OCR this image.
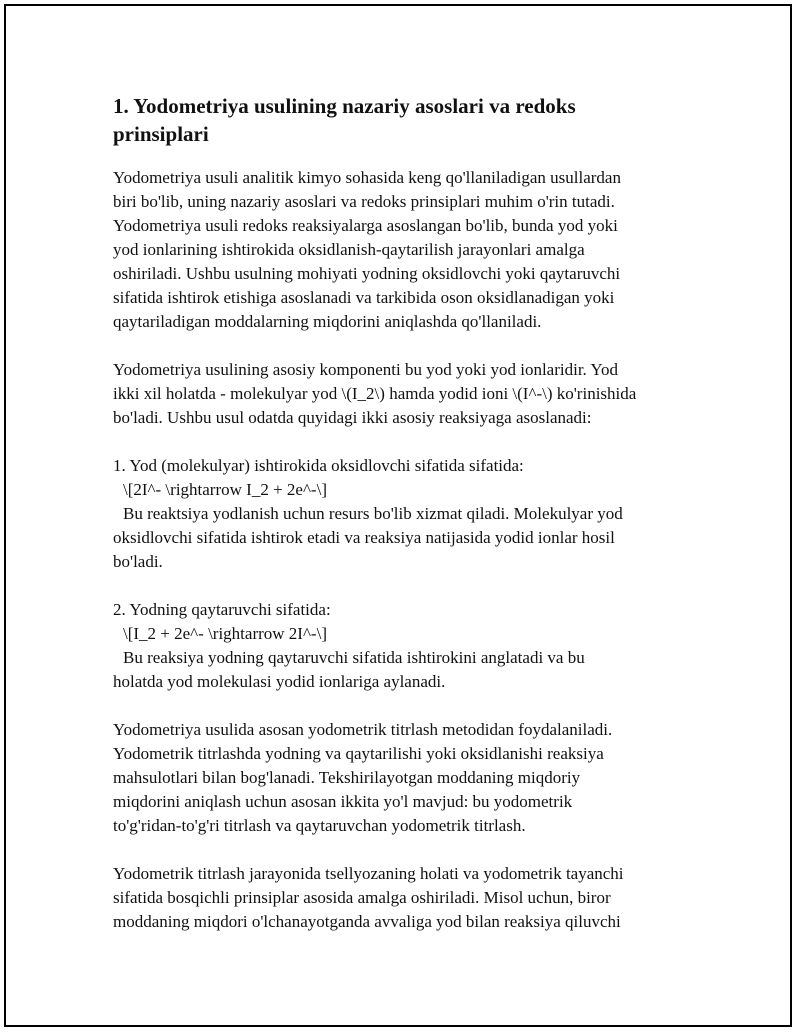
1. Yodometriya usulining nazariy asoslari va redoks
prinsiplari

Yodometriya usuli analitik kimyo sohasida keng qo'llaniladigan usullardan
biri bo'lib, uning nazariy asoslari va redoks prinsiplari muhim o'rin tutadi.
Yodometriya usuli redoks reaksiyalarga asoslangan bo'lib, bunda yod yoki
yod ionlarining ishtirokida oksidlanish-qaytarilish jarayonlari amalga
oshiriladi. Ushbu usulning mohiyati yodning oksidlovchi yoki qaytaruvchi
sifatida ishtirok etishiga asoslanadi va tarkibida oson oksidlanadigan yoki
qaytariladigan moddalarning miqdorini aniqlashda qo'llaniladi.

Yodometriya usulining asosiy komponenti bu yod yoki yod ionlaridir. Yod
ikki xil holatda - molekulyar yod \(I_2\) hamda yodid ioni \(I^-\) ko'rinishida
bo'ladi. Ushbu usul odatda quyidagi ikki asosiy reaksiyaga asoslanadi:

1. Yod (molekulyar) ishtirokida oksidlovchi sifatida sifatida:
\[2I^- \rightarrow I_2 + 2e^-\]
Bu reaktsiya yodlanish uchun resurs bo'lib xizmat qiladi. Molekulyar yod
oksidlovchi sifatida ishtirok etadi va reaksiya natijasida yodid ionlar hosil
bo'ladi.

2. Yodning qaytaruvchi sifatida:
\[I_2 + 2e^- \rightarrow 2I^-\]
Bu reaksiya yodning qaytaruvchi sifatida ishtirokini anglatadi va bu
holatda yod molekulasi yodid ionlariga aylanadi.

Yodometriya usulida asosan yodometrik titrlash metodidan foydalaniladi.
Yodometrik titrlashda yodning va qaytarilishi yoki oksidlanishi reaksiya
mahsulotlari bilan bog'lanadi. Tekshirilayotgan moddaning miqdoriy
miqdorini aniqlash uchun asosan ikkita yo'l mavjud: bu yodometrik
to'g'ridan-to'g'ri titrlash va qaytaruvchan yodometrik titrlash.

Yodometrik titrlash jarayonida tsellyozaning holati va yodometrik tayanchi
sifatida bosqichli prinsiplar asosida amalga oshiriladi. Misol uchun, biror
moddaning miqdori o'lchanayotganda avvaliga yod bilan reaksiya qiluvchi
